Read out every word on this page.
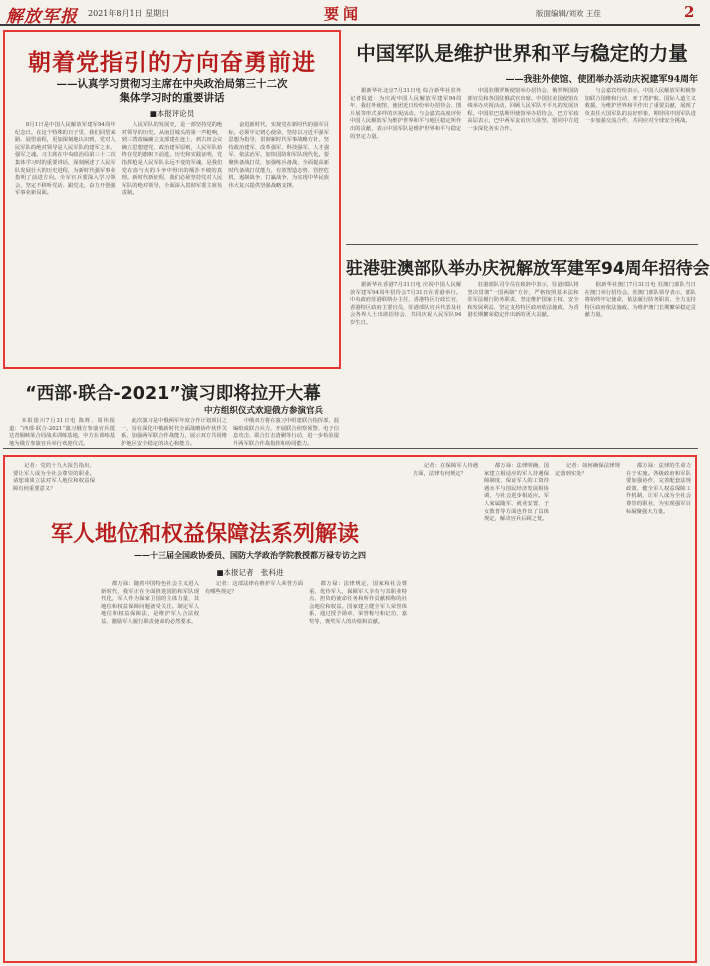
解放军报 2021年8月1日 星期日	要闻	版面编辑/刘欢 王佳	2
朝着党指引的方向奋勇前进
——认真学习贯彻习主席在中央政治局第三十二次
集体学习时的重要讲话
■本报评论员
　　8月1日是中国人民解放军建军94周年纪念日。在这个特殊的日子里，我们回望来路、展望前程，更加深刻地认识到，党对人民军队的绝对领导是人民军队的建军之本、强军之魂。习主席在中央政治局第三十二次集体学习时的重要讲话，深刻阐述了人民军队发展壮大的历史进程，为新时代强军事业指明了前进方向。全军官兵要深入学习领会，坚定不移听党话、跟党走，奋力开创强军事业新局面。
　　人民军队的发展史，是一部坚持党的绝对领导的历史。从南昌城头的第一声枪响，到三湾改编确立支部建在连上，到古田会议确立思想建党、政治建军原则，人民军队始终在党的旗帜下前进。历史和实践证明，党指挥枪是人民军队永远不变的军魂，是我们党在血与火的斗争中得出的颠扑不破的真理。新时代新征程，我们必须坚持党对人民军队的绝对领导，全面深入贯彻军委主席负责制。
　　奋进新时代，实现党在新时代的强军目标，必须牢记初心使命，坚持以习近平强军思想为指导，贯彻新时代军事战略方针，坚持政治建军、改革强军、科技强军、人才强军、依法治军，加快国防和军队现代化。要聚焦备战打仗，加强练兵备战，全面提高新时代备战打仗能力，有效塑造态势、管控危机、遏制战争、打赢战争，为实现中华民族伟大复兴提供坚强战略支撑。
中国军队是维护世界和平与稳定的力量
——我驻外使馆、使团举办活动庆祝建军94周年
　　据新华社北京7月31日电 综合新华社驻外记者报道：为庆祝中国人民解放军建军94周年，我驻外使馆、使团近日纷纷举办招待会、图片展等形式多样的庆祝活动。与会嘉宾高度评价中国人民解放军为维护世界和平与地区稳定所作出的贡献，表示中国军队是维护世界和平与稳定的坚定力量。
　　中国驻俄罗斯使馆举办招待会，俄罗斯国防部官员和各国驻俄武官出席。中国驻美国使馆在线举办庆祝活动，回顾人民军队不平凡的发展历程。中国驻巴基斯坦使馆举办招待会，巴方军政高层表示，巴中两军友谊历久弥坚，愿同中方进一步深化务实合作。
　　与会嘉宾纷纷表示，中国人民解放军积极参加联合国维和行动、亚丁湾护航、国际人道主义救援，为维护世界和平作出了重要贡献，展现了负责任大国军队的良好形象，期待同中国军队进一步加强交流合作，共同应对全球安全挑战。
驻港驻澳部队举办庆祝解放军建军94周年招待会
　　据新华社香港7月31日电 庆祝中国人民解放军建军94周年招待会7月31日在香港举行。中央政府驻港联络办主任，香港特区行政长官，香港特区政府主要官员，驻港部队官兵代表及社会各界人士出席招待会，共同庆祝人民军队94岁生日。
　　驻港部队司令员在致辞中表示，驻港部队将坚决贯彻“一国两制”方针，严格按照基本法和驻军法履行防务职责，坚定维护国家主权、安全和发展利益，坚定支持特区政府依法施政，为香港长期繁荣稳定作出新的更大贡献。
　　据新华社澳门7月31日电 驻澳门部队当日在澳门举行招待会。驻澳门部队领导表示，部队将始终牢记使命，依法履行防务职责，全力支持特区政府依法施政，为维护澳门长期繁荣稳定贡献力量。
“西部·联合-2021”演习即将拉开大幕
中方组织仪式欢迎俄方参演官兵
　　本报银川7月31日电 陈辉、周伟报道：“西部·联合-2021”演习俄方参演官兵抵达青铜峡某合同战术训练基地，中方在训练基地为俄方参演官兵举行欢迎仪式。
　　此次演习是中俄两军年度合作计划项目之一，旨在深化中俄新时代全面战略协作伙伴关系，加强两军联合作战能力，展示双方共同维护地区安全稳定的决心和能力。
　　中俄双方将在演习中组建联合指挥部，混编组成联合兵力，开展联合侦察预警、电子信息攻击、联合打击清剿等行动，进一步检验提升两军联合作战指挥和协同能力。
军人地位和权益保障法系列解读
——十三届全国政协委员、国防大学政治学院教授都万禄专访之四
■本报记者　张科进
　　记者：党的十九大报告指出，要让军人成为全社会尊崇的职业。请您谈谈立法对军人地位和权益保障有何重要意义？
　　都万禄：随着中国特色社会主义进入新时代，我军正在全面推进国防和军队现代化，军人作为保家卫国的主体力量，其地位和权益保障问题备受关注。制定军人地位和权益保障法，是维护军人合法权益、激励军人履行职责使命的必然要求。
　　记者：这部法律在维护军人荣誉方面有哪些规定？
　　都万禄：法律规定，国家和社会尊重、优待军人，保障军人享有与其职业特点、担负的使命任务和所作贡献相称的社会地位和权益。国家建立健全军人荣誉体系，通过授予勋章、荣誉称号和记功、嘉奖等，褒奖军人的功绩和贡献。
　　记者：在保障军人待遇方面，法律有何规定？
　　都万禄：法律明确，国家建立相适应的军人待遇保障制度，保证军人的工资待遇水平与国民经济发展相协调，与社会进步相适应。军人家属随军、就业安置、子女教育等方面也作出了具体规定，解决官兵后顾之忧。
　　记者：如何确保法律规定落到实处？
　　都万禄：法律的生命力在于实施。各级政府和军队要加强协作，完善配套法规政策，健全军人权益保障工作机制，让军人成为全社会尊崇的职业，为实现强军目标凝聚强大力量。
